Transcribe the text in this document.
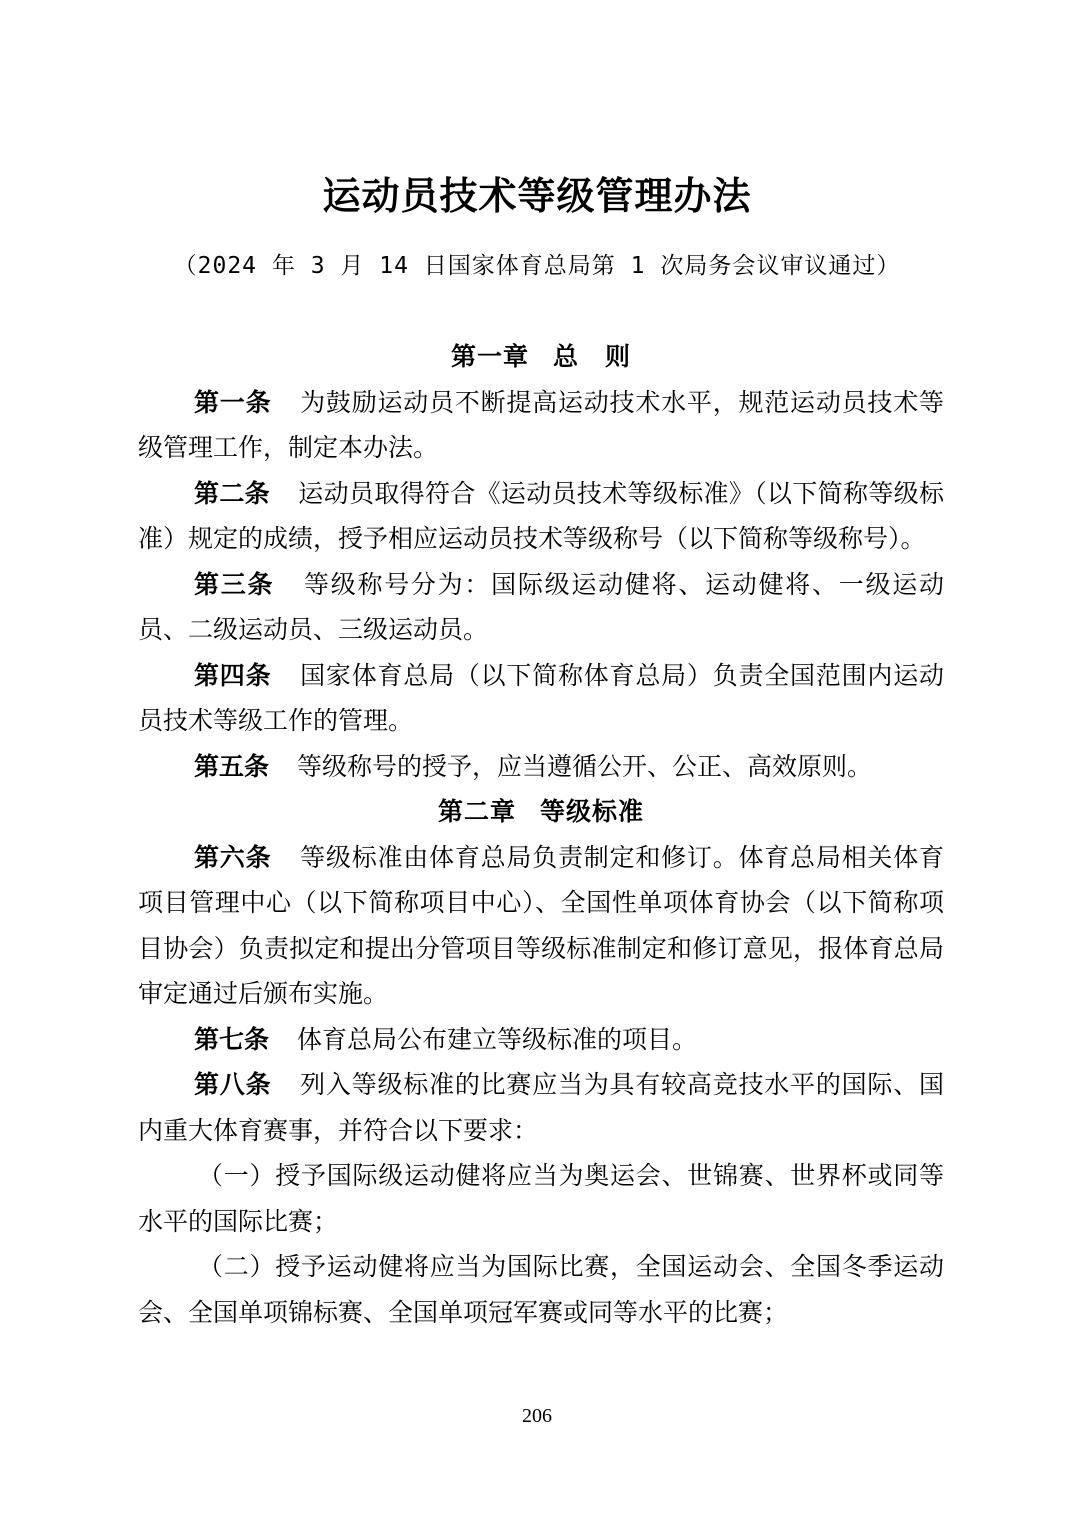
运动员技术等级管理办法
（2024 年 3 月 14 日国家体育总局第 1 次局务会议审议通过）
第一章 总　则

第一条 为鼓励运动员不断提高运动技术水平，规范运动员技术等级管理工作，制定本办法。

第二条 运动员取得符合《运动员技术等级标准》（以下简称等级标准）规定的成绩，授予相应运动员技术等级称号（以下简称等级称号）。

第三条 等级称号分为：国际级运动健将、运动健将、一级运动员、二级运动员、三级运动员。

第四条 国家体育总局（以下简称体育总局）负责全国范围内运动员技术等级工作的管理。

第五条 等级称号的授予，应当遵循公开、公正、高效原则。

第二章 等级标准

第六条 等级标准由体育总局负责制定和修订。体育总局相关体育项目管理中心（以下简称项目中心）、全国性单项体育协会（以下简称项目协会）负责拟定和提出分管项目等级标准制定和修订意见，报体育总局审定通过后颁布实施。

第七条 体育总局公布建立等级标准的项目。

第八条 列入等级标准的比赛应当为具有较高竞技水平的国际、国内重大体育赛事，并符合以下要求：

（一）授予国际级运动健将应当为奥运会、世锦赛、世界杯或同等水平的国际比赛；

（二）授予运动健将应当为国际比赛，全国运动会、全国冬季运动会、全国单项锦标赛、全国单项冠军赛或同等水平的比赛；

206
